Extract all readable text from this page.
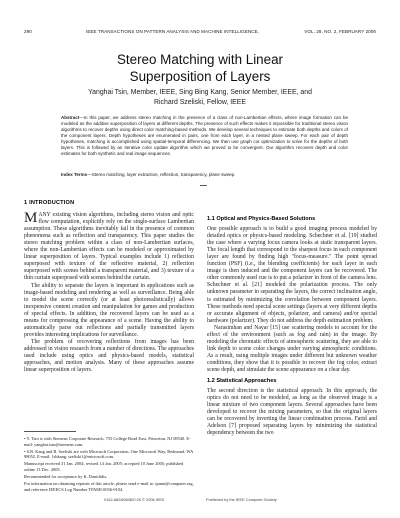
290	IEEE TRANSACTIONS ON PATTERN ANALYSIS AND MACHINE INTELLIGENCE,	VOL. 28, NO. 2, FEBRUARY 2006
Stereo Matching with Linear
Superposition of Layers
Yanghai Tsin, Member, IEEE, Sing Bing Kang, Senior Member, IEEE, and
Richard Szeliski, Fellow, IEEE
Abstract—In this paper, we address stereo matching in the presence of a class of non-Lambertian effects, where image formation can be modeled as the additive superposition of layers at different depths. The presence of such effects makes it impossible for traditional stereo vision algorithms to recover depths using direct color matching-based methods. We develop several techniques to estimate both depths and colors of the component layers. Depth hypotheses are enumerated in pairs, one from each layer, in a nested plane sweep. For each pair of depth hypotheses, matching is accomplished using spatial-temporal differencing. We then use graph cut optimization to solve for the depths of both layers. This is followed by an iterative color update algorithm which we proved to be convergent. Our algorithm recovers depth and color estimates for both synthetic and real image sequences.
Index Terms—Stereo matching, layer extraction, reflection, transparency, plane sweep.
1 INTRODUCTION
MANY existing vision algorithms, including stereo vision and optic flow computation, explicitly rely on the single-surface Lambertian assumption. These algorithms inevitably fail in the presence of common phenomena such as reflection and transparency. This paper studies the stereo matching problem within a class of non-Lambertian surfaces, where the non-Lambertian effects can be modeled or approximated by linear superposition of layers. Typical examples include 1) reflection superposed with texture of the reflective material, 2) reflection superposed with scenes behind a transparent material, and 3) texture of a thin curtain superposed with scenes behind the curtain.
The ability to separate the layers is important in applications such as image-based modeling and rendering as well as surveillance. Being able to model the scene correctly (or at least photorealistically) allows inexpensive content creation and manipulation for games and production of special effects. In addition, the recovered layers can be used as a means for compressing the appearance of a scene. Having the ability to automatically parse out reflections and partially transmitted layers provides interesting implications for surveillance.
The problem of recovering reflections from images has been addressed in vision research from a number of directions. The approaches used include using optics and physics-based models, statistical approaches, and motion analysis. Many of these approaches assume linear superposition of layers.
• Y. Tsin is with Siemens Corporate Research, 755 College Road East, Princeton, NJ 08540. E-mail: yanghai.tsin@siemens.com.
• S.B. Kang and R. Szeliski are with Microsoft Corporation, One Microsoft Way, Redmond, WA 98052. E-mail: {sbkang, szeliski}@microsoft.com.
Manuscript received 31 Jan. 2004; revised 14 Jan. 2005; accepted 10 June 2005; published online 13 Dec. 2005.
Recommended for acceptance by K. Daniilidis.
For information on obtaining reprints of this article, please send e-mail to: tpami@computer.org, and reference IEEECS Log Number TPAMI-0036-0104.
1.1 Optical and Physics-Based Solutions
One possible approach is to build a good imaging process modeled by detailed optics or physics-based modeling. Schechner et al. [19] studied the case where a varying focus camera looks at static transparent layers. The focal length that correspond to the sharpest focus in each component layer are found by finding high "focus-measure." The point spread function (PSF) (i.e., the blending coefficients) for each layer in each image is then induced and the component layers can be recovered. The other commonly used cue is to put a polarizer in front of the camera lens. Schechner et al. [21] modeled the polarization process. The only unknown parameter in separating the layers, the correct inclination angle, is estimated by minimizing the correlation between component layers. These methods need special scene settings (layers at very different depths or accurate alignment of objects, polarizer, and camera) and/or special hardware (polarizer). They do not address the depth estimation problem.
Narasimhan and Nayar [15] use scattering models to account for the effect of the environment (such as fog and rain) in the image. By modeling the chromatic effects of atmospheric scattering, they are able to link depth to scene color changes under varying atmospheric conditions. As a result, using multiple images under different but unknown weather conditions, they show that it is possible to recover the fog color, extract scene depth, and simulate the scene appearance on a clear day.
1.2 Statistical Approaches
The second direction is the statistical approach. In this approach, the optics do not need to be modeled, as long as the observed image is a linear mixture of two component layers. Several approaches have been developed to recover the mixing parameters, so that the original layers can be recovered by inverting the linear combination process. Farid and Adelson [7] proposed separating layers by minimizing the statistical dependency between the two
0162-8828/06/$20.00 © 2006 IEEE	Published by the IEEE Computer Society
